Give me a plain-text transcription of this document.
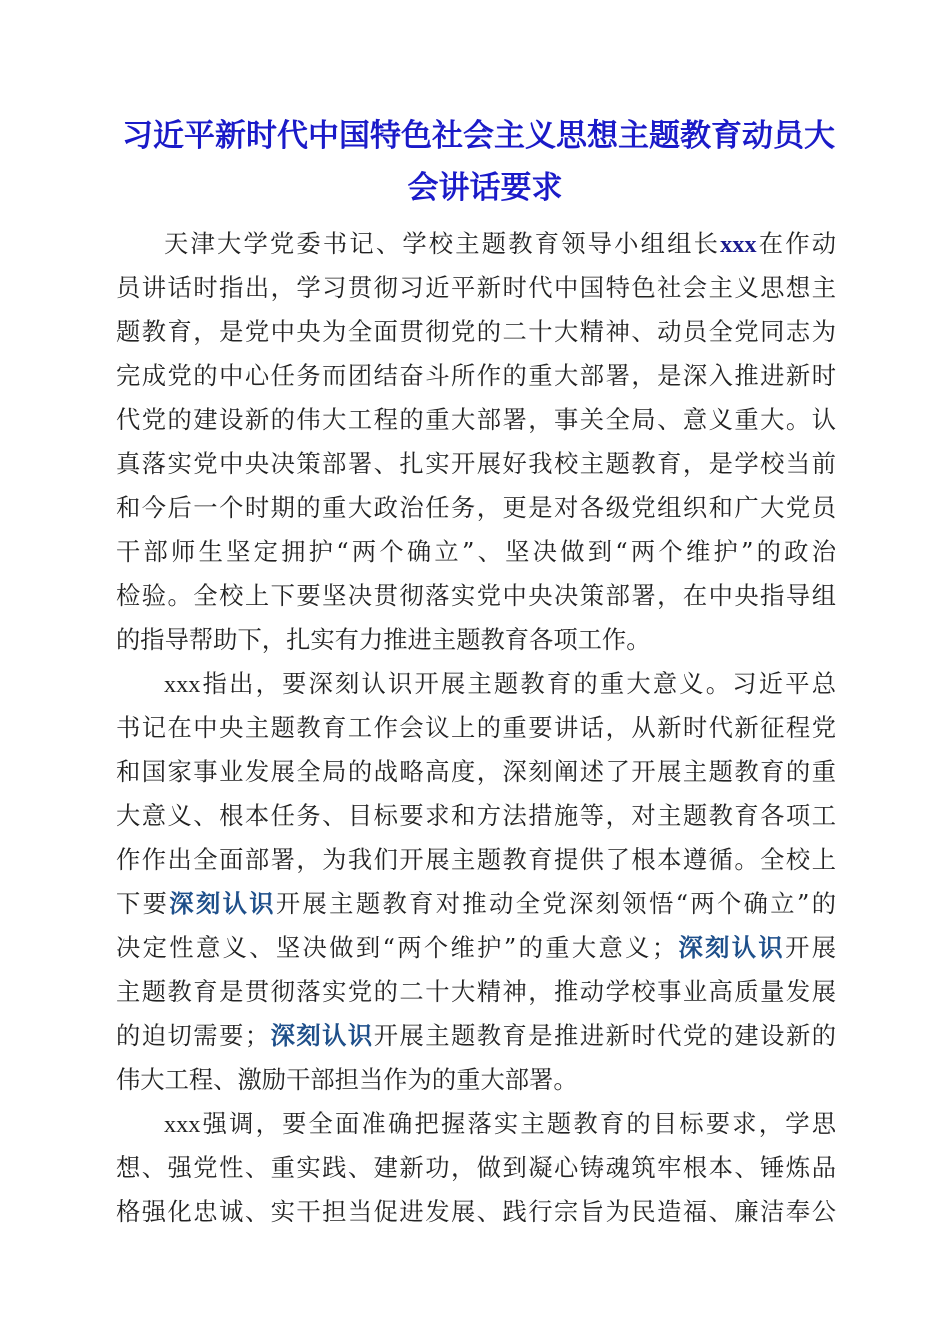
习近平新时代中国特色社会主义思想主题教育动员大
会讲话要求
天津大学党委书记、学校主题教育领导小组组长xxx在作动
员讲话时指出，学习贯彻习近平新时代中国特色社会主义思想主
题教育，是党中央为全面贯彻党的二十大精神、动员全党同志为
完成党的中心任务而团结奋斗所作的重大部署，是深入推进新时
代党的建设新的伟大工程的重大部署，事关全局、意义重大。认
真落实党中央决策部署、扎实开展好我校主题教育，是学校当前
和今后一个时期的重大政治任务，更是对各级党组织和广大党员
干部师生坚定拥护“两个确立”、坚决做到“两个维护”的政治
检验。全校上下要坚决贯彻落实党中央决策部署，在中央指导组
的指导帮助下，扎实有力推进主题教育各项工作。
xxx指出，要深刻认识开展主题教育的重大意义。习近平总
书记在中央主题教育工作会议上的重要讲话，从新时代新征程党
和国家事业发展全局的战略高度，深刻阐述了开展主题教育的重
大意义、根本任务、目标要求和方法措施等，对主题教育各项工
作作出全面部署，为我们开展主题教育提供了根本遵循。全校上
下要深刻认识开展主题教育对推动全党深刻领悟“两个确立”的
决定性意义、坚决做到“两个维护”的重大意义；深刻认识开展
主题教育是贯彻落实党的二十大精神，推动学校事业高质量发展
的迫切需要；深刻认识开展主题教育是推进新时代党的建设新的
伟大工程、激励干部担当作为的重大部署。
xxx强调，要全面准确把握落实主题教育的目标要求，学思
想、强党性、重实践、建新功，做到凝心铸魂筑牢根本、锤炼品
格强化忠诚、实干担当促进发展、践行宗旨为民造福、廉洁奉公
